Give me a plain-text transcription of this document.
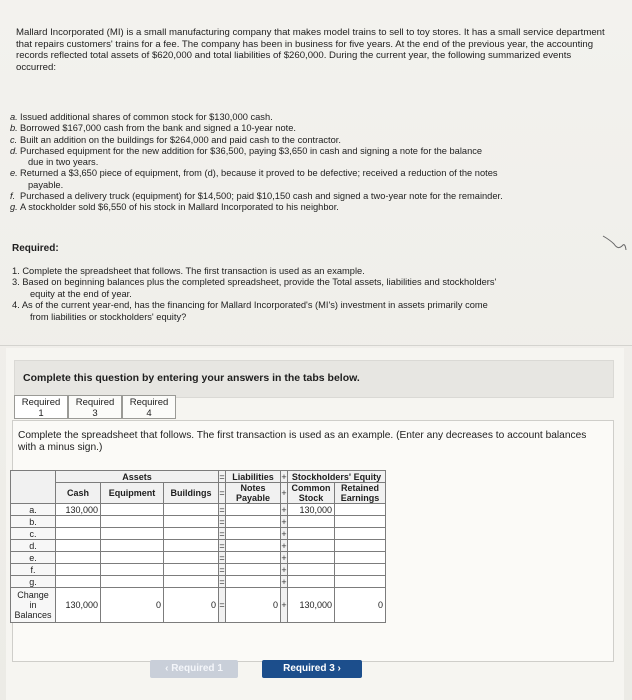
Mallard Incorporated (MI) is a small manufacturing company that makes model trains to sell to toy stores. It has a small service department that repairs customers' trains for a fee. The company has been in business for five years. At the end of the previous year, the accounting records reflected total assets of $620,000 and total liabilities of $260,000. During the current year, the following summarized events occurred:
a. Issued additional shares of common stock for $130,000 cash.
b. Borrowed $167,000 cash from the bank and signed a 10-year note.
c. Built an addition on the buildings for $264,000 and paid cash to the contractor.
d. Purchased equipment for the new addition for $36,500, paying $3,650 in cash and signing a note for the balance
due in two years.
e. Returned a $3,650 piece of equipment, from (d), because it proved to be defective; received a reduction of the notes
payable.
f. Purchased a delivery truck (equipment) for $14,500; paid $10,150 cash and signed a two-year note for the remainder.
g. A stockholder sold $6,550 of his stock in Mallard Incorporated to his neighbor.
Required:
1. Complete the spreadsheet that follows. The first transaction is used as an example.
3. Based on beginning balances plus the completed spreadsheet, provide the Total assets, liabilities and stockholders'
equity at the end of year.
4. As of the current year-end, has the financing for Mallard Incorporated's (MI's) investment in assets primarily come
from liabilities or stockholders' equity?
Complete this question by entering your answers in the tabs below.
Required
1
Required
3
Required
4
Complete the spreadsheet that follows. The first transaction is used as an example. (Enter any decreases to account balances with a minus sign.)
	Assets			=	Liabilities	+	Stockholders' Equity	
	Cash	Equipment	Buildings	=	Notes Payable	+	Common Stock	Retained Earnings

a.	130,000			=		+	130,000	
b.				=		+		
c.				=		+		
d.				=		+		
e.				=		+		
f.				=		+		
g.				=		+		
Change in Balances	130,000	0	0	=	0	+	130,000	0
‹ Required 1	Required 3 ›
